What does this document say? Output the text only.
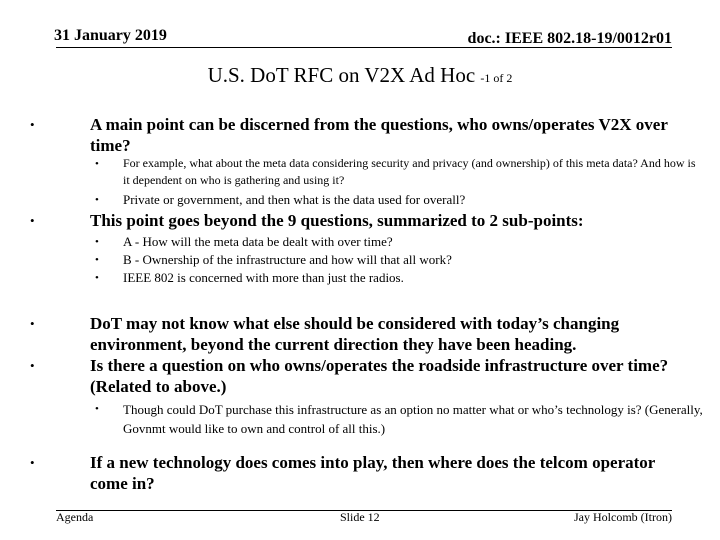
31 January 2019	doc.: IEEE 802.18-19/0012r01
U.S. DoT RFC on V2X Ad Hoc -1 of 2
•	A main point can be discerned from the questions, who owns/operates V2X over time?
• For example, what about the meta data considering security and privacy (and ownership) of this meta data? And how is it dependent on who is gathering and using it?
• Private or government, and then what is the data used for overall?
•	This point goes beyond the 9 questions, summarized to 2 sub-points:
• A - How will the meta data be dealt with over time?
• B - Ownership of the infrastructure and how will that all work?
• IEEE 802 is concerned with more than just the radios.
•	DoT may not know what else should be considered with today’s changing environment, beyond the current direction they have been heading.
•	Is there a question on who owns/operates the roadside infrastructure over time? (Related to above.)
• Though could DoT purchase this infrastructure as an option no matter what or who’s technology is? (Generally, Govnmt would like to own and control of all this.)
•	If a new technology does comes into play, then where does the telcom operator come in?
Agenda	Slide 12	Jay Holcomb (Itron)
